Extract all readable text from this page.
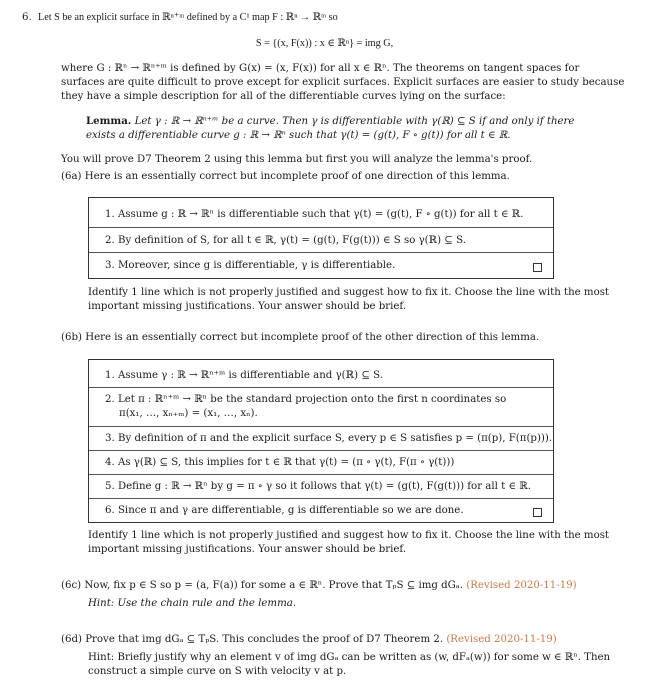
6. Let S be an explicit surface in ℝⁿ⁺ᵐ defined by a C¹ map F : ℝⁿ → ℝᵐ so
S = {(x, F(x)) : x ∈ ℝⁿ} = img G,
where G : ℝⁿ → ℝⁿ⁺ᵐ is defined by G(x) = (x, F(x)) for all x ∈ ℝⁿ. The theorems on tangent spaces for
surfaces are quite difficult to prove except for explicit surfaces. Explicit surfaces are easier to study because
they have a simple description for all of the differentiable curves lying on the surface:
Lemma. Let γ : ℝ → ℝⁿ⁺ᵐ be a curve. Then γ is differentiable with γ(ℝ) ⊆ S if and only if there
exists a differentiable curve g : ℝ → ℝⁿ such that γ(t) = (g(t), F ∘ g(t)) for all t ∈ ℝ.
You will prove D7 Theorem 2 using this lemma but first you will analyze the lemma's proof.
(6a) Here is an essentially correct but incomplete proof of one direction of this lemma.
1. Assume g : ℝ → ℝⁿ is differentiable such that γ(t) = (g(t), F ∘ g(t)) for all t ∈ ℝ.
2. By definition of S, for all t ∈ ℝ, γ(t) = (g(t), F(g(t))) ∈ S so γ(ℝ) ⊆ S.
3. Moreover, since g is differentiable, γ is differentiable.
Identify 1 line which is not properly justified and suggest how to fix it. Choose the line with the most
important missing justifications. Your answer should be brief.
(6b) Here is an essentially correct but incomplete proof of the other direction of this lemma.
1. Assume γ : ℝ → ℝⁿ⁺ᵐ is differentiable and γ(ℝ) ⊆ S.
2. Let π : ℝⁿ⁺ᵐ → ℝⁿ be the standard projection onto the first n coordinates so
π(x₁, …, xₙ₊ₘ) = (x₁, …, xₙ).
3. By definition of π and the explicit surface S, every p ∈ S satisfies p = (π(p), F(π(p))).
4. As γ(ℝ) ⊆ S, this implies for t ∈ ℝ that γ(t) = (π ∘ γ(t), F(π ∘ γ(t)))
5. Define g : ℝ → ℝⁿ by g = π ∘ γ so it follows that γ(t) = (g(t), F(g(t))) for all t ∈ ℝ.
6. Since π and γ are differentiable, g is differentiable so we are done.
Identify 1 line which is not properly justified and suggest how to fix it. Choose the line with the most
important missing justifications. Your answer should be brief.
(6c) Now, fix p ∈ S so p = (a, F(a)) for some a ∈ ℝⁿ. Prove that TₚS ⊆ img dGₐ. (Revised 2020-11-19)
Hint: Use the chain rule and the lemma.
(6d) Prove that img dGₐ ⊆ TₚS. This concludes the proof of D7 Theorem 2. (Revised 2020-11-19)
Hint: Briefly justify why an element v of img dGₐ can be written as (w, dFₐ(w)) for some w ∈ ℝⁿ. Then
construct a simple curve on S with velocity v at p.
